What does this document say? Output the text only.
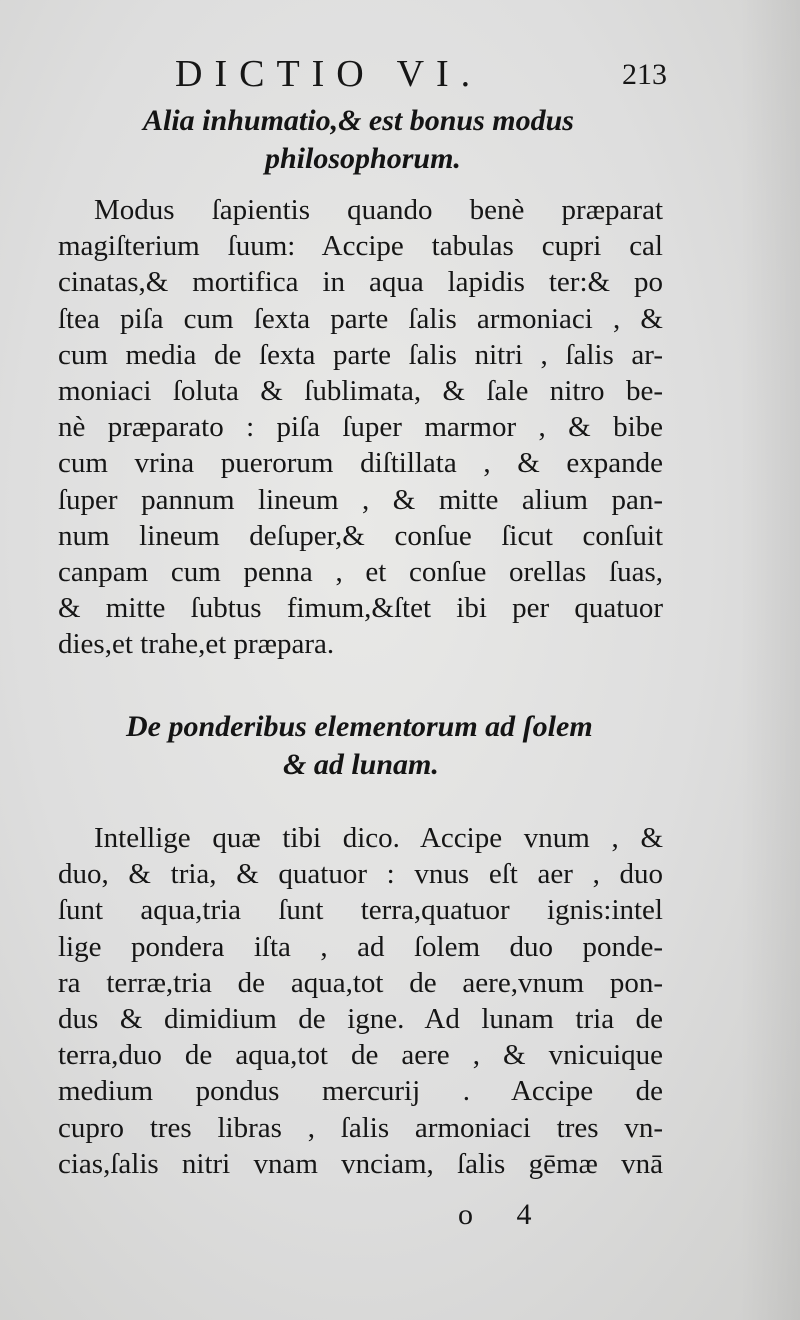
DICTIO VI.	213
Alia inhumatio,& est bonus modus
philosophorum.
Modus ſapientis quando benè præparat
magiſterium ſuum: Accipe tabulas cupri cal
cinatas,& mortifica in aqua lapidis ter:& po
ſtea piſa cum ſexta parte ſalis armoniaci , &
cum media de ſexta parte ſalis nitri , ſalis ar-
moniaci ſoluta & ſublimata, & ſale nitro be-
nè præparato : piſa ſuper marmor , & bibe
cum vrina puerorum diſtillata , & expande
ſuper pannum lineum , & mitte alium pan-
num lineum deſuper,& conſue ſicut conſuit
canpam cum penna , et conſue orellas ſuas,
& mitte ſubtus fimum,&ſtet ibi per quatuor
dies,et trahe,et præpara.
De ponderibus elementorum ad ſolem
& ad lunam.
Intellige quæ tibi dico. Accipe vnum , &
duo, & tria, & quatuor : vnus eſt aer , duo
ſunt aqua,tria ſunt terra,quatuor ignis:intel
lige pondera iſta , ad ſolem duo ponde-
ra terræ,tria de aqua,tot de aere,vnum pon-
dus & dimidium de igne. Ad lunam tria de
terra,duo de aqua,tot de aere , & vnicuique
medium pondus mercurij . Accipe de
cupro tres libras , ſalis armoniaci tres vn-
cias,ſalis nitri vnam vnciam, ſalis gēmæ vnā
o 4
